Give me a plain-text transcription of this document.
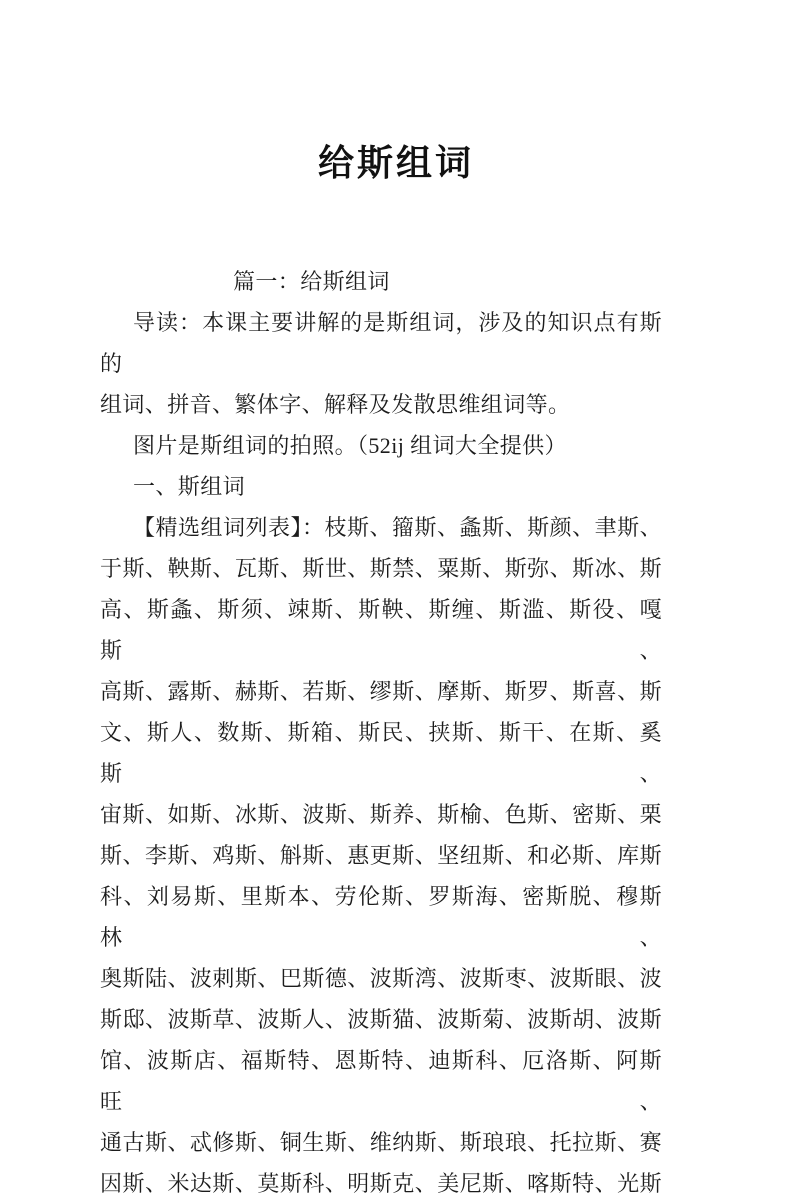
给斯组词

篇一：给斯组词

导读：本课主要讲解的是斯组词，涉及的知识点有斯的

组词、拼音、繁体字、解释及发散思维组词等。

图片是斯组词的拍照。（52ij 组词大全提供）

一、斯组词

【精选组词列表】：枝斯、籀斯、螽斯、斯颜、聿斯、

于斯、鞅斯、瓦斯、斯世、斯禁、粟斯、斯弥、斯冰、斯

高、斯螽、斯须、竦斯、斯鞅、斯缠、斯滥、斯役、嘎斯、

高斯、露斯、赫斯、若斯、缪斯、摩斯、斯罗、斯喜、斯

文、斯人、数斯、斯箱、斯民、挟斯、斯干、在斯、奚斯、

宙斯、如斯、冰斯、波斯、斯养、斯榆、色斯、密斯、栗

斯、李斯、鸡斯、斛斯、惠更斯、坚纽斯、和必斯、库斯

科、刘易斯、里斯本、劳伦斯、罗斯海、密斯脱、穆斯林、

奥斯陆、波刺斯、巴斯德、波斯湾、波斯枣、波斯眼、波

斯邸、波斯草、波斯人、波斯猫、波斯菊、波斯胡、波斯

馆、波斯店、福斯特、恩斯特、迪斯科、厄洛斯、阿斯旺、

通古斯、忒修斯、铜生斯、维纳斯、斯琅琅、托拉斯、赛

因斯、米达斯、莫斯科、明斯克、美尼斯、喀斯特、光斯
